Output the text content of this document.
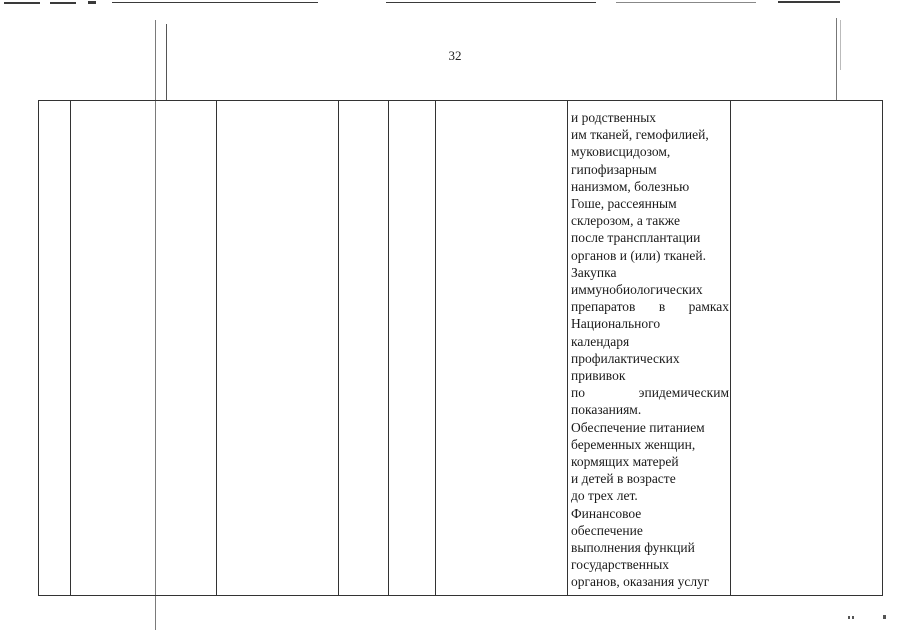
32
и родственных
им тканей, гемофилией,
муковисцидозом,
гипофизарным
нанизмом, болезнью
Гоше, рассеянным
склерозом, а также
после трансплантации
органов и (или) тканей.
Закупка
иммунобиологических
препаратов в рамках
Национального
календаря
профилактических
прививок
по эпидемическим
показаниям.
Обеспечение питанием
беременных женщин,
кормящих матерей
и детей в возрасте
до трех лет.
Финансовое
обеспечение
выполнения функций
государственных
органов, оказания услуг
